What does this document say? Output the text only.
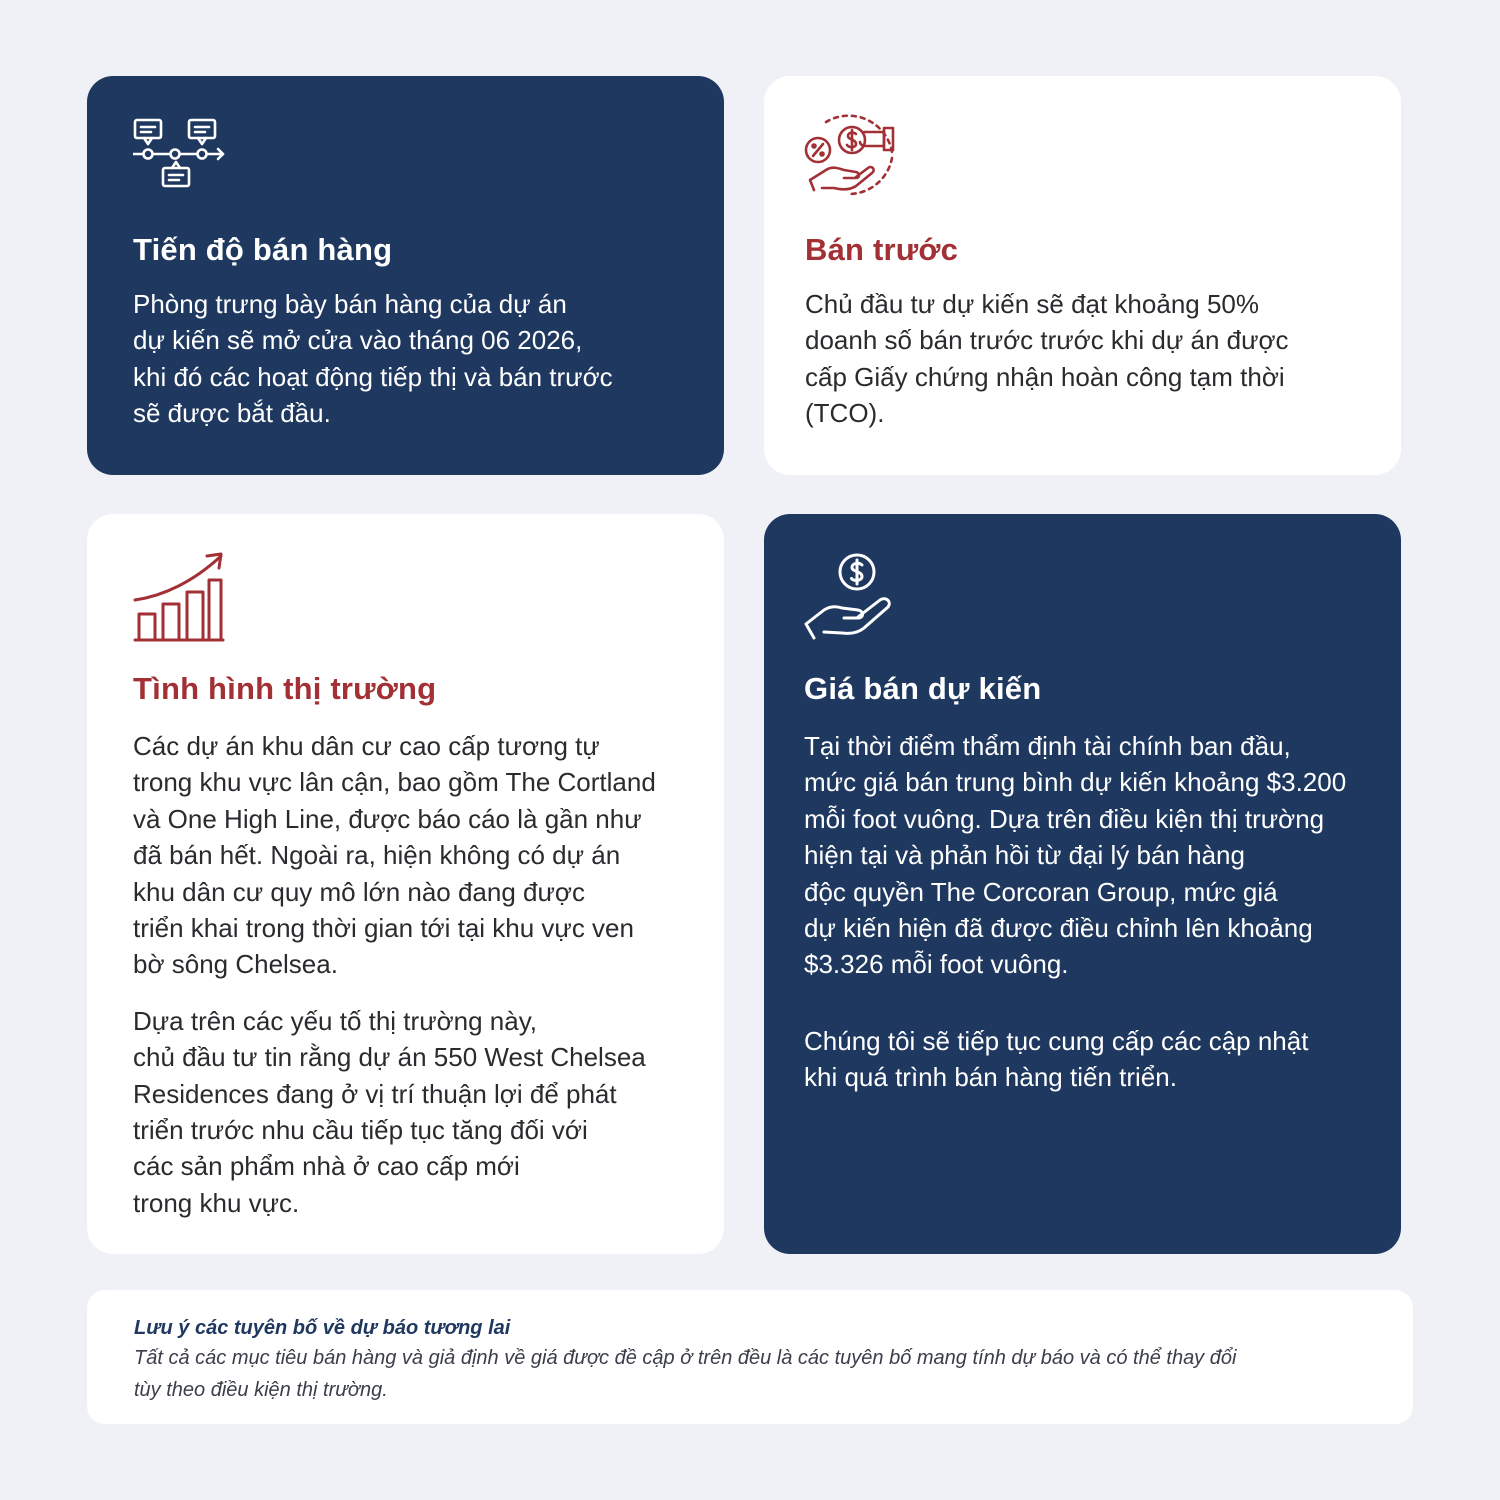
Tiến độ bán hàng
Phòng trưng bày bán hàng của dự án
dự kiến sẽ mở cửa vào tháng 06 2026,
khi đó các hoạt động tiếp thị và bán trước
sẽ được bắt đầu.
Bán trước
Chủ đầu tư dự kiến sẽ đạt khoảng 50%
doanh số bán trước trước khi dự án được
cấp Giấy chứng nhận hoàn công tạm thời
(TCO).
Tình hình thị trường
Các dự án khu dân cư cao cấp tương tự
trong khu vực lân cận, bao gồm The Cortland
và One High Line, được báo cáo là gần như
đã bán hết. Ngoài ra, hiện không có dự án
khu dân cư quy mô lớn nào đang được
triển khai trong thời gian tới tại khu vực ven
bờ sông Chelsea.
Dựa trên các yếu tố thị trường này,
chủ đầu tư tin rằng dự án 550 West Chelsea
Residences đang ở vị trí thuận lợi để phát
triển trước nhu cầu tiếp tục tăng đối với
các sản phẩm nhà ở cao cấp mới
trong khu vực.
Giá bán dự kiến
Tại thời điểm thẩm định tài chính ban đầu,
mức giá bán trung bình dự kiến khoảng $3.200
mỗi foot vuông. Dựa trên điều kiện thị trường
hiện tại và phản hồi từ đại lý bán hàng
độc quyền The Corcoran Group, mức giá
dự kiến hiện đã được điều chỉnh lên khoảng
$3.326 mỗi foot vuông.
Chúng tôi sẽ tiếp tục cung cấp các cập nhật
khi quá trình bán hàng tiến triển.
Lưu ý các tuyên bố về dự báo tương lai
Tất cả các mục tiêu bán hàng và giả định về giá được đề cập ở trên đều là các tuyên bố mang tính dự báo và có thể thay đổi
tùy theo điều kiện thị trường.
